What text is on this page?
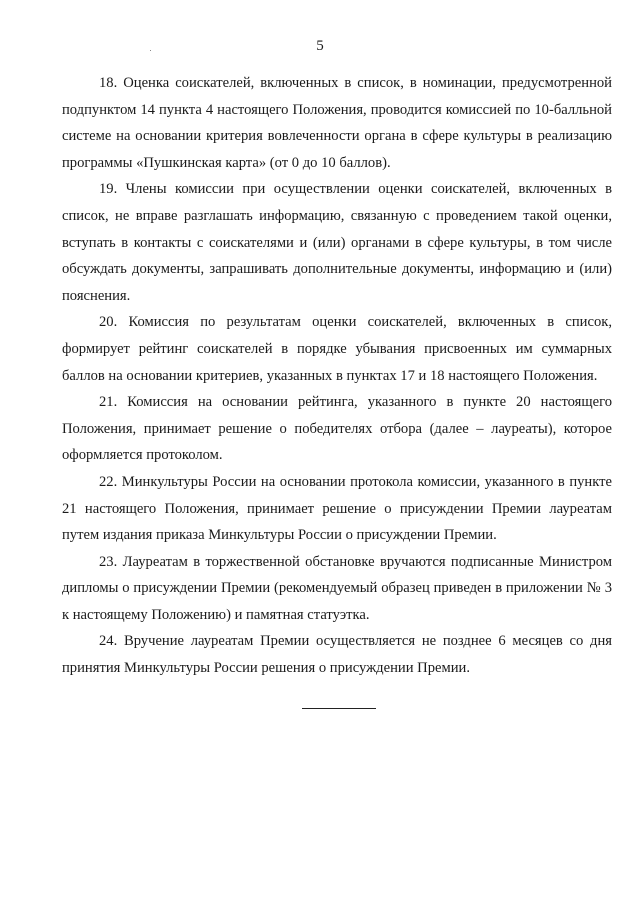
5

18. Оценка соискателей, включенных в список, в номинации, предусмотренной подпунктом 14 пункта 4 настоящего Положения, проводится комиссией по 10-балльной системе на основании критерия вовлеченности органа в сфере культуры в реализацию программы «Пушкинская карта» (от 0 до 10 баллов).

19. Члены комиссии при осуществлении оценки соискателей, включенных в список, не вправе разглашать информацию, связанную с проведением такой оценки, вступать в контакты с соискателями и (или) органами в сфере культуры, в том числе обсуждать документы, запрашивать дополнительные документы, информацию и (или) пояснения.

20. Комиссия по результатам оценки соискателей, включенных в список, формирует рейтинг соискателей в порядке убывания присвоенных им суммарных баллов на основании критериев, указанных в пунктах 17 и 18 настоящего Положения.

21. Комиссия на основании рейтинга, указанного в пункте 20 настоящего Положения, принимает решение о победителях отбора (далее – лауреаты), которое оформляется протоколом.

22. Минкультуры России на основании протокола комиссии, указанного в пункте 21 настоящего Положения, принимает решение о присуждении Премии лауреатам путем издания приказа Минкультуры России о присуждении Премии.

23. Лауреатам в торжественной обстановке вручаются подписанные Министром дипломы о присуждении Премии (рекомендуемый образец приведен в приложении № 3 к настоящему Положению) и памятная статуэтка.

24. Вручение лауреатам Премии осуществляется не позднее 6 месяцев со дня принятия Минкультуры России решения о присуждении Премии.
